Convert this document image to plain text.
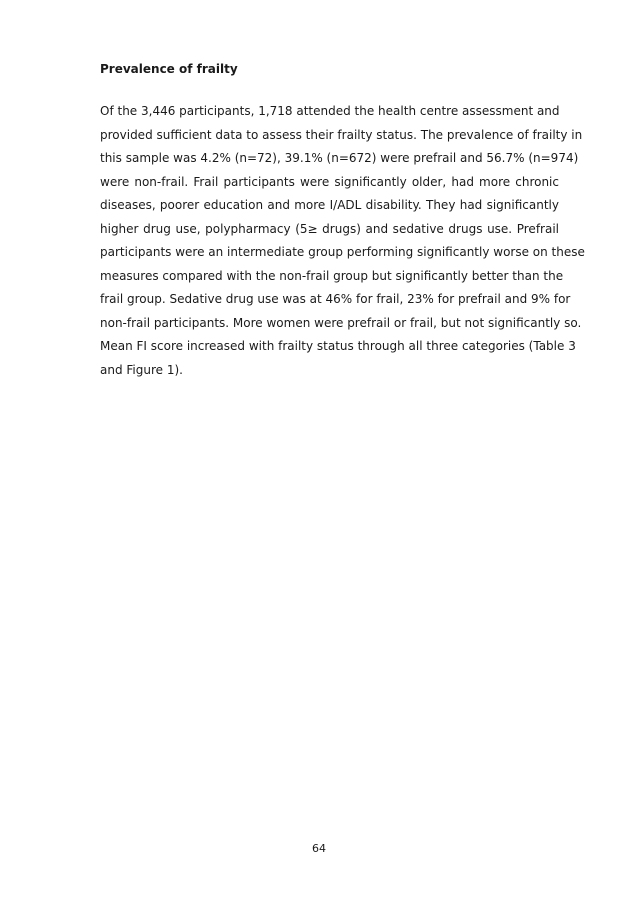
Prevalence of frailty
Of the 3,446 participants, 1,718 attended the health centre assessment and
provided sufficient data to assess their frailty status. The prevalence of frailty in
this sample was 4.2% (n=72), 39.1% (n=672) were prefrail and 56.7% (n=974)
were non-frail. Frail participants were significantly older, had more chronic
diseases, poorer education and more I/ADL disability. They had significantly
higher drug use, polypharmacy (5≥ drugs) and sedative drugs use. Prefrail
participants were an intermediate group performing significantly worse on these
measures compared with the non-frail group but significantly better than the
frail group. Sedative drug use was at 46% for frail, 23% for prefrail and 9% for
non-frail participants. More women were prefrail or frail, but not significantly so.
Mean FI score increased with frailty status through all three categories (Table 3
and Figure 1).
64
